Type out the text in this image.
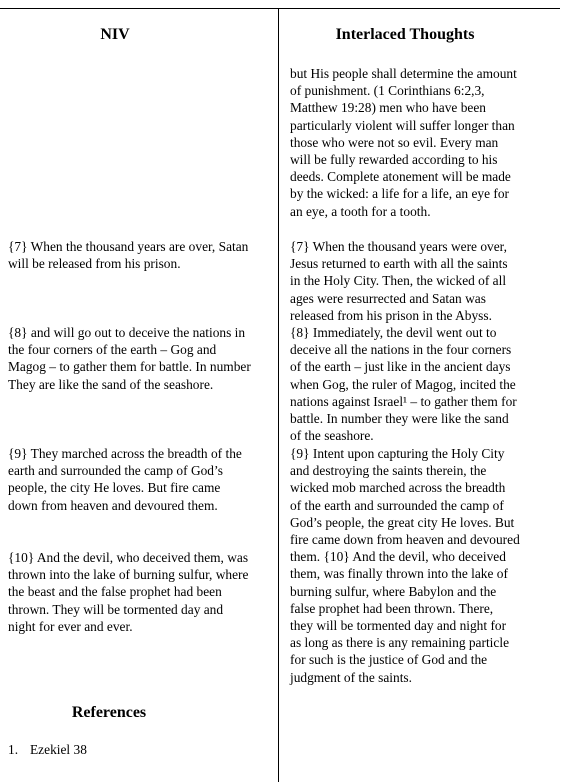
NIV	Interlaced Thoughts
but His people shall determine the amount
of punishment. (1 Corinthians 6:2,3,
Matthew 19:28) men who have been
particularly violent will suffer longer than
those who were not so evil. Every man
will be fully rewarded according to his
deeds. Complete atonement will be made
by the wicked: a life for a life, an eye for
an eye, a tooth for a tooth.
{7} When the thousand years are over, Satan
will be released from his prison.
{7} When the thousand years were over,
Jesus returned to earth with all the saints
in the Holy City. Then, the wicked of all
ages were resurrected and Satan was
released from his prison in the Abyss.
{8} and will go out to deceive the nations in
the four corners of the earth – Gog and
Magog – to gather them for battle. In number
They are like the sand of the seashore.
{8} Immediately, the devil went out to
deceive all the nations in the four corners
of the earth – just like in the ancient days
when Gog, the ruler of Magog, incited the
nations against Israel¹ – to gather them for
battle. In number they were like the sand
of the seashore.
{9} They marched across the breadth of the
earth and surrounded the camp of God’s
people, the city He loves. But fire came
down from heaven and devoured them.
{9} Intent upon capturing the Holy City
and destroying the saints therein, the
wicked mob marched across the breadth
of the earth and surrounded the camp of
God’s people, the great city He loves. But
fire came down from heaven and devoured
them. {10} And the devil, who deceived
them, was finally thrown into the lake of
burning sulfur, where Babylon and the
false prophet had been thrown. There,
they will be tormented day and night for
as long as there is any remaining particle
for such is the justice of God and the
judgment of the saints.
{10} And the devil, who deceived them, was
thrown into the lake of burning sulfur, where
the beast and the false prophet had been
thrown. They will be tormented day and
night for ever and ever.
References
1. Ezekiel 38
